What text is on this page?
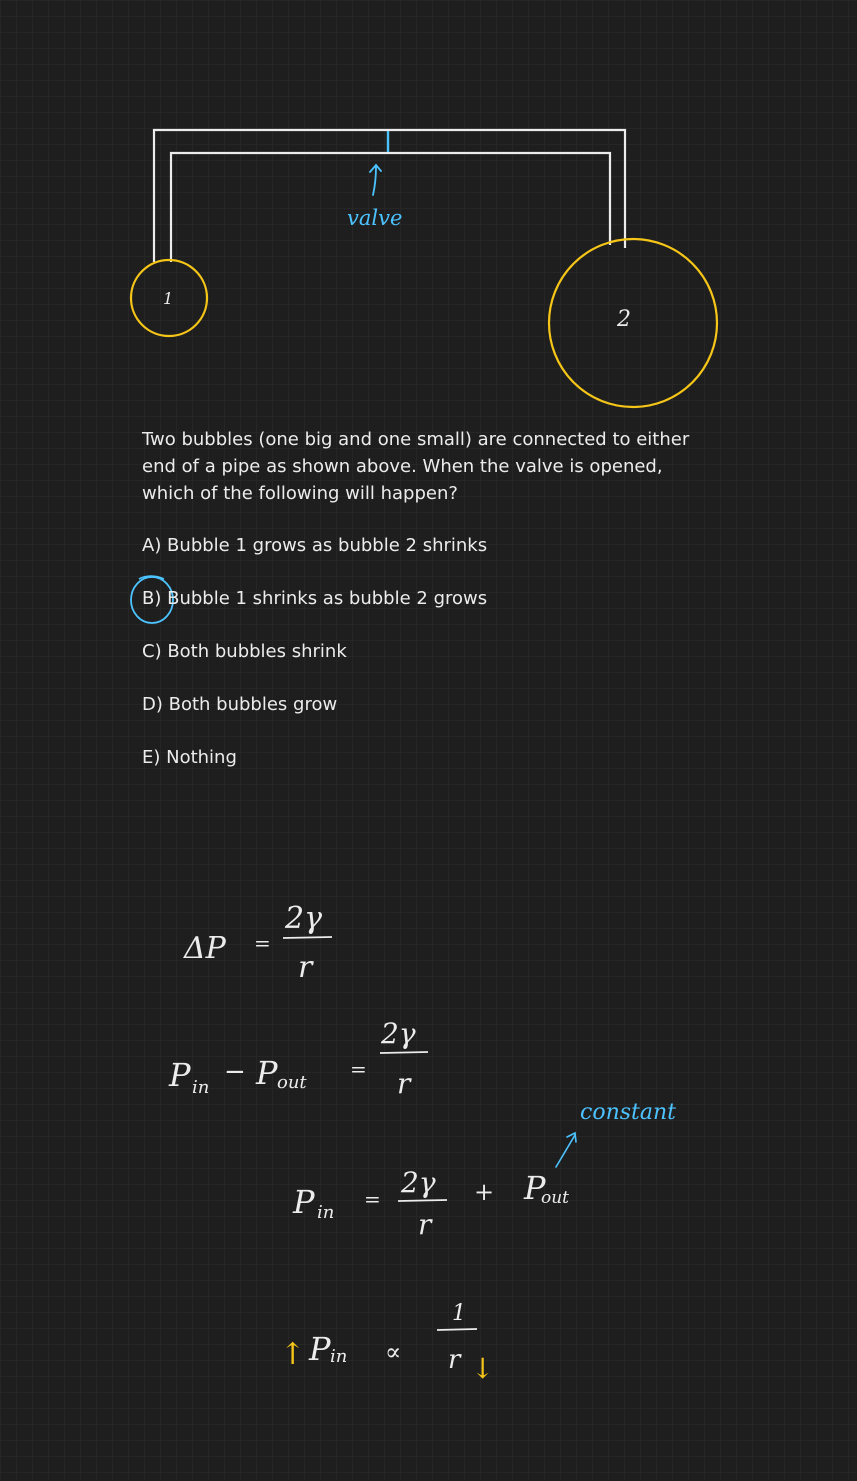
valve
1
2
ΔP =
2γ
r
P in
− P out
=
2γ
r
constant
P in
= 2γ
r
+ P
out
↑ P in ∝
1
r ↓

Two bubbles (one big and one small) are connected to either end of a pipe as shown above. When the valve is opened, which of the following will happen?

A) Bubble 1 grows as bubble 2 shrinks
B) Bubble 1 shrinks as bubble 2 grows
C) Both bubbles shrink
D) Both bubbles grow
E) Nothing
